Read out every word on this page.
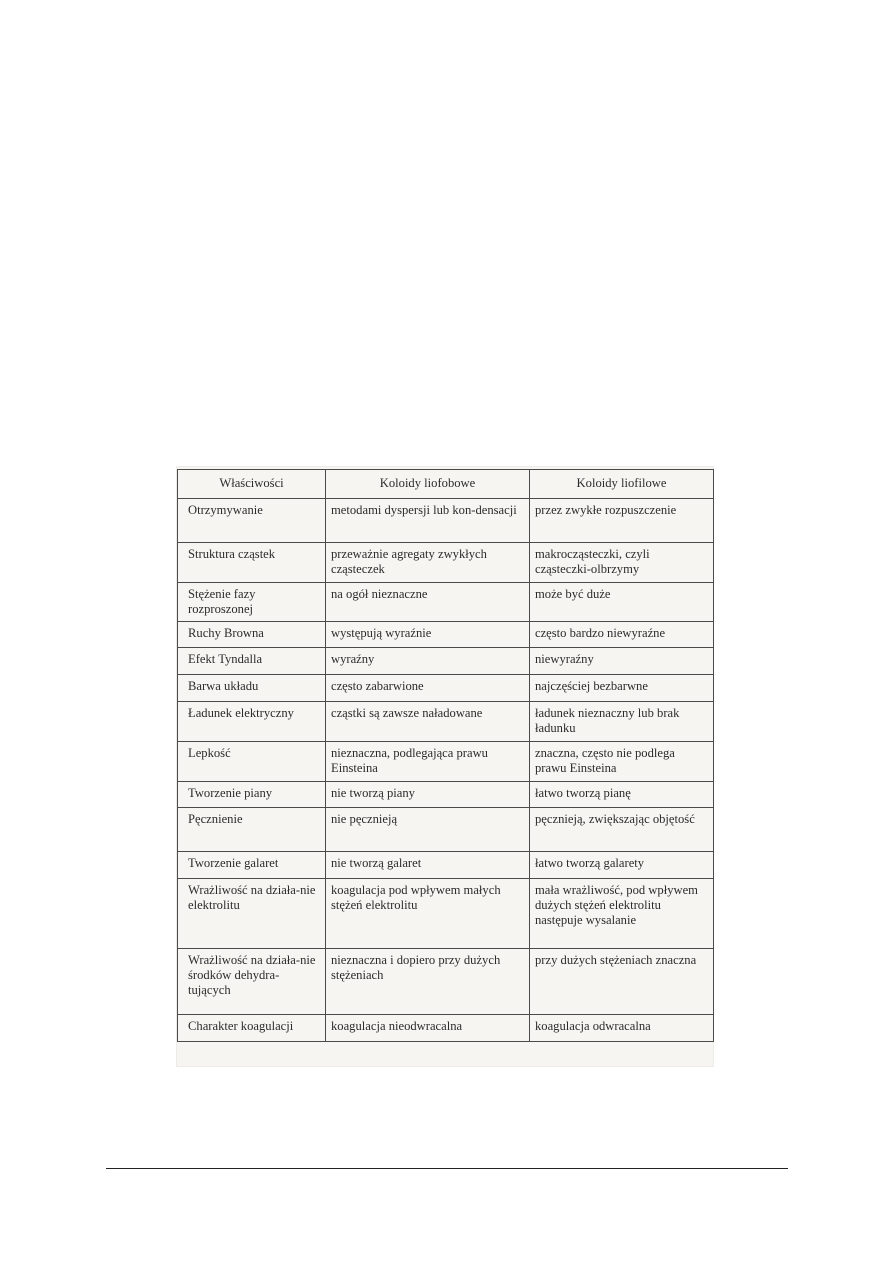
Właściwości	Koloidy liofobowe	Koloidy liofilowe
Otrzymywanie	metodami dyspersji lub kon-densacji	przez zwykłe rozpuszczenie
Struktura cząstek	przeważnie agregaty zwykłych cząsteczek	makrocząsteczki, czyli cząsteczki-olbrzymy
Stężenie fazy rozproszonej	na ogół nieznaczne	może być duże
Ruchy Browna	występują wyraźnie	często bardzo niewyraźne
Efekt Tyndalla	wyraźny	niewyraźny
Barwa układu	często zabarwione	najczęściej bezbarwne
Ładunek elektryczny	cząstki są zawsze naładowane	ładunek nieznaczny lub brak ładunku
Lepkość	nieznaczna, podlegająca prawu Einsteina	znaczna, często nie podlega prawu Einsteina
Tworzenie piany	nie tworzą piany	łatwo tworzą pianę
Pęcznienie	nie pęcznieją	pęcznieją, zwiększając objętość
Tworzenie galaret	nie tworzą galaret	łatwo tworzą galarety
Wrażliwość na działa-nie elektrolitu	koagulacja pod wpływem małych stężeń elektrolitu	mała wrażliwość, pod wpływem dużych stężeń elektrolitu następuje wysalanie
Wrażliwość na działa-nie środków dehydra-tujących	nieznaczna i dopiero przy dużych stężeniach	przy dużych stężeniach znaczna
Charakter koagulacji	koagulacja nieodwracalna	koagulacja odwracalna
